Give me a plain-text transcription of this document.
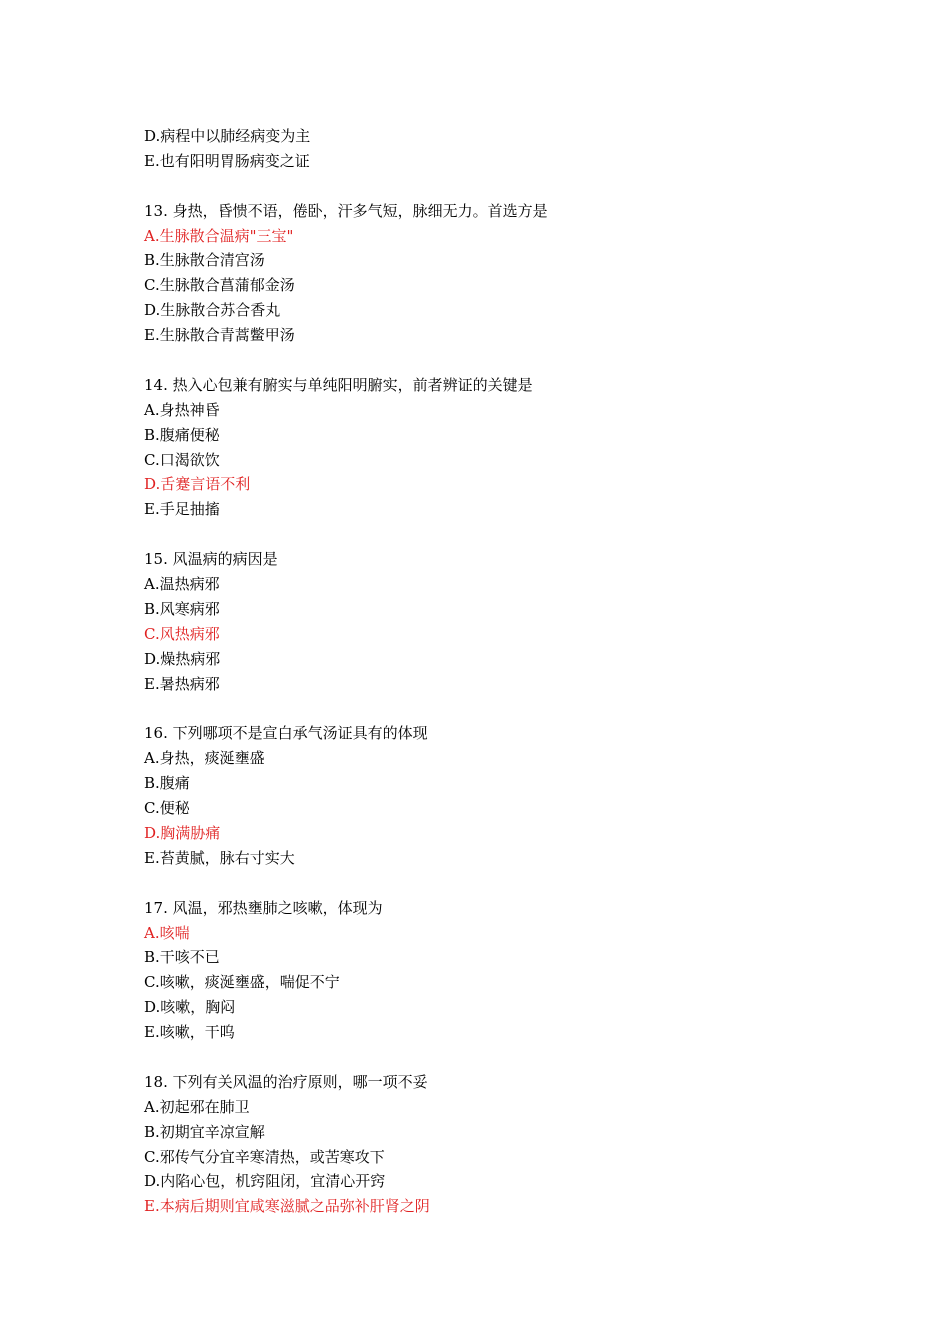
D.病程中以肺经病变为主
E.也有阳明胃肠病变之证
13. 身热，昏愦不语，倦卧，汗多气短，脉细无力。首选方是
A.生脉散合温病"三宝"
B.生脉散合清宫汤
C.生脉散合菖蒲郁金汤
D.生脉散合苏合香丸
E.生脉散合青蒿鳖甲汤
14. 热入心包兼有腑实与单纯阳明腑实，前者辨证的关键是
A.身热神昏
B.腹痛便秘
C.口渴欲饮
D.舌蹇言语不利
E.手足抽搐
15. 风温病的病因是
A.温热病邪
B.风寒病邪
C.风热病邪
D.燥热病邪
E.暑热病邪
16. 下列哪项不是宣白承气汤证具有的体现
A.身热，痰涎壅盛
B.腹痛
C.便秘
D.胸满胁痛
E.苔黄腻，脉右寸实大
17. 风温，邪热壅肺之咳嗽，体现为
A.咳喘
B.干咳不已
C.咳嗽，痰涎壅盛，喘促不宁
D.咳嗽，胸闷
E.咳嗽，干呜
18. 下列有关风温的治疗原则，哪一项不妥
A.初起邪在肺卫
B.初期宜辛凉宣解
C.邪传气分宜辛寒清热，或苦寒攻下
D.内陷心包，机窍阻闭，宜清心开窍
E.本病后期则宜咸寒滋腻之品弥补肝肾之阴
